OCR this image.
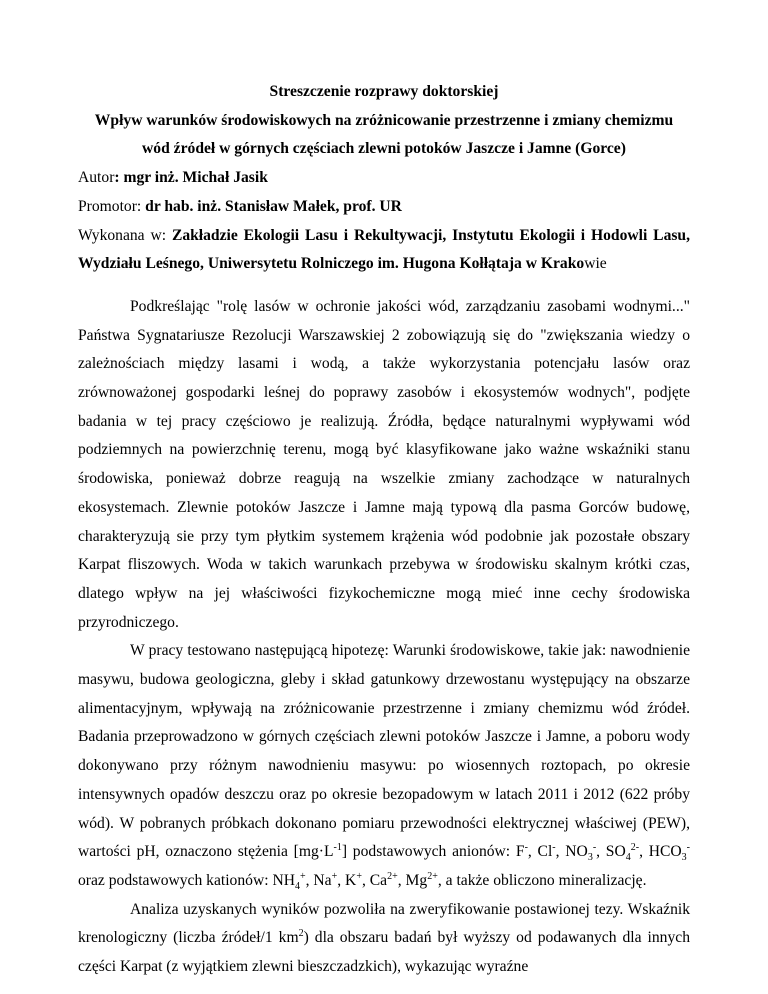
Streszczenie rozprawy doktorskiej

Wpływ warunków środowiskowych na zróżnicowanie przestrzenne i zmiany chemizmu

wód źródeł w górnych częściach zlewni potoków Jaszcze i Jamne (Gorce)

Autor: mgr inż. Michał Jasik

Promotor: dr hab. inż. Stanisław Małek, prof. UR

Wykonana w: Zakładzie Ekologii Lasu i Rekultywacji, Instytutu Ekologii i Hodowli Lasu, Wydziału Leśnego, Uniwersytetu Rolniczego im. Hugona Kołłątaja w Krakowie

Podkreślając "rolę lasów w ochronie jakości wód, zarządzaniu zasobami wodnymi..." Państwa Sygnatariusze Rezolucji Warszawskiej 2 zobowiązują się do "zwiększania wiedzy o zależnościach między lasami i wodą, a także wykorzystania potencjału lasów oraz zrównoważonej gospodarki leśnej do poprawy zasobów i ekosystemów wodnych", podjęte badania w tej pracy częściowo je realizują. Źródła, będące naturalnymi wypływami wód podziemnych na powierzchnię terenu, mogą być klasyfikowane jako ważne wskaźniki stanu środowiska, ponieważ dobrze reagują na wszelkie zmiany zachodzące w naturalnych ekosystemach. Zlewnie potoków Jaszcze i Jamne mają typową dla pasma Gorców budowę, charakteryzują sie przy tym płytkim systemem krążenia wód podobnie jak pozostałe obszary Karpat fliszowych. Woda w takich warunkach przebywa w środowisku skalnym krótki czas, dlatego wpływ na jej właściwości fizykochemiczne mogą mieć inne cechy środowiska przyrodniczego.

W pracy testowano następującą hipotezę: Warunki środowiskowe, takie jak: nawodnienie masywu, budowa geologiczna, gleby i skład gatunkowy drzewostanu występujący na obszarze alimentacyjnym, wpływają na zróżnicowanie przestrzenne i zmiany chemizmu wód źródeł. Badania przeprowadzono w górnych częściach zlewni potoków Jaszcze i Jamne, a poboru wody dokonywano przy różnym nawodnieniu masywu: po wiosennych roztopach, po okresie intensywnych opadów deszczu oraz po okresie bezopadowym w latach 2011 i 2012 (622 próby wód). W pobranych próbkach dokonano pomiaru przewodności elektrycznej właściwej (PEW), wartości pH, oznaczono stężenia $[mg\cdot L^{-1}]$ podstawowych anionów: F-, Cl-, $NO_3^-$, $SO_4^{2-}$, $HCO_3^-$ oraz podstawowych kationów: $NH_4^+$, Na+, K+, $Ca^{2+}$, $Mg^{2+}$, a także obliczono mineralizację.

Analiza uzyskanych wyników pozwoliła na zweryfikowanie postawionej tezy. Wskaźnik krenologiczny (liczba źródeł/1 $km^2$) dla obszaru badań był wyższy od podawanych dla innych części Karpat (z wyjątkiem zlewni bieszczadzkich), wykazując wyraźne
